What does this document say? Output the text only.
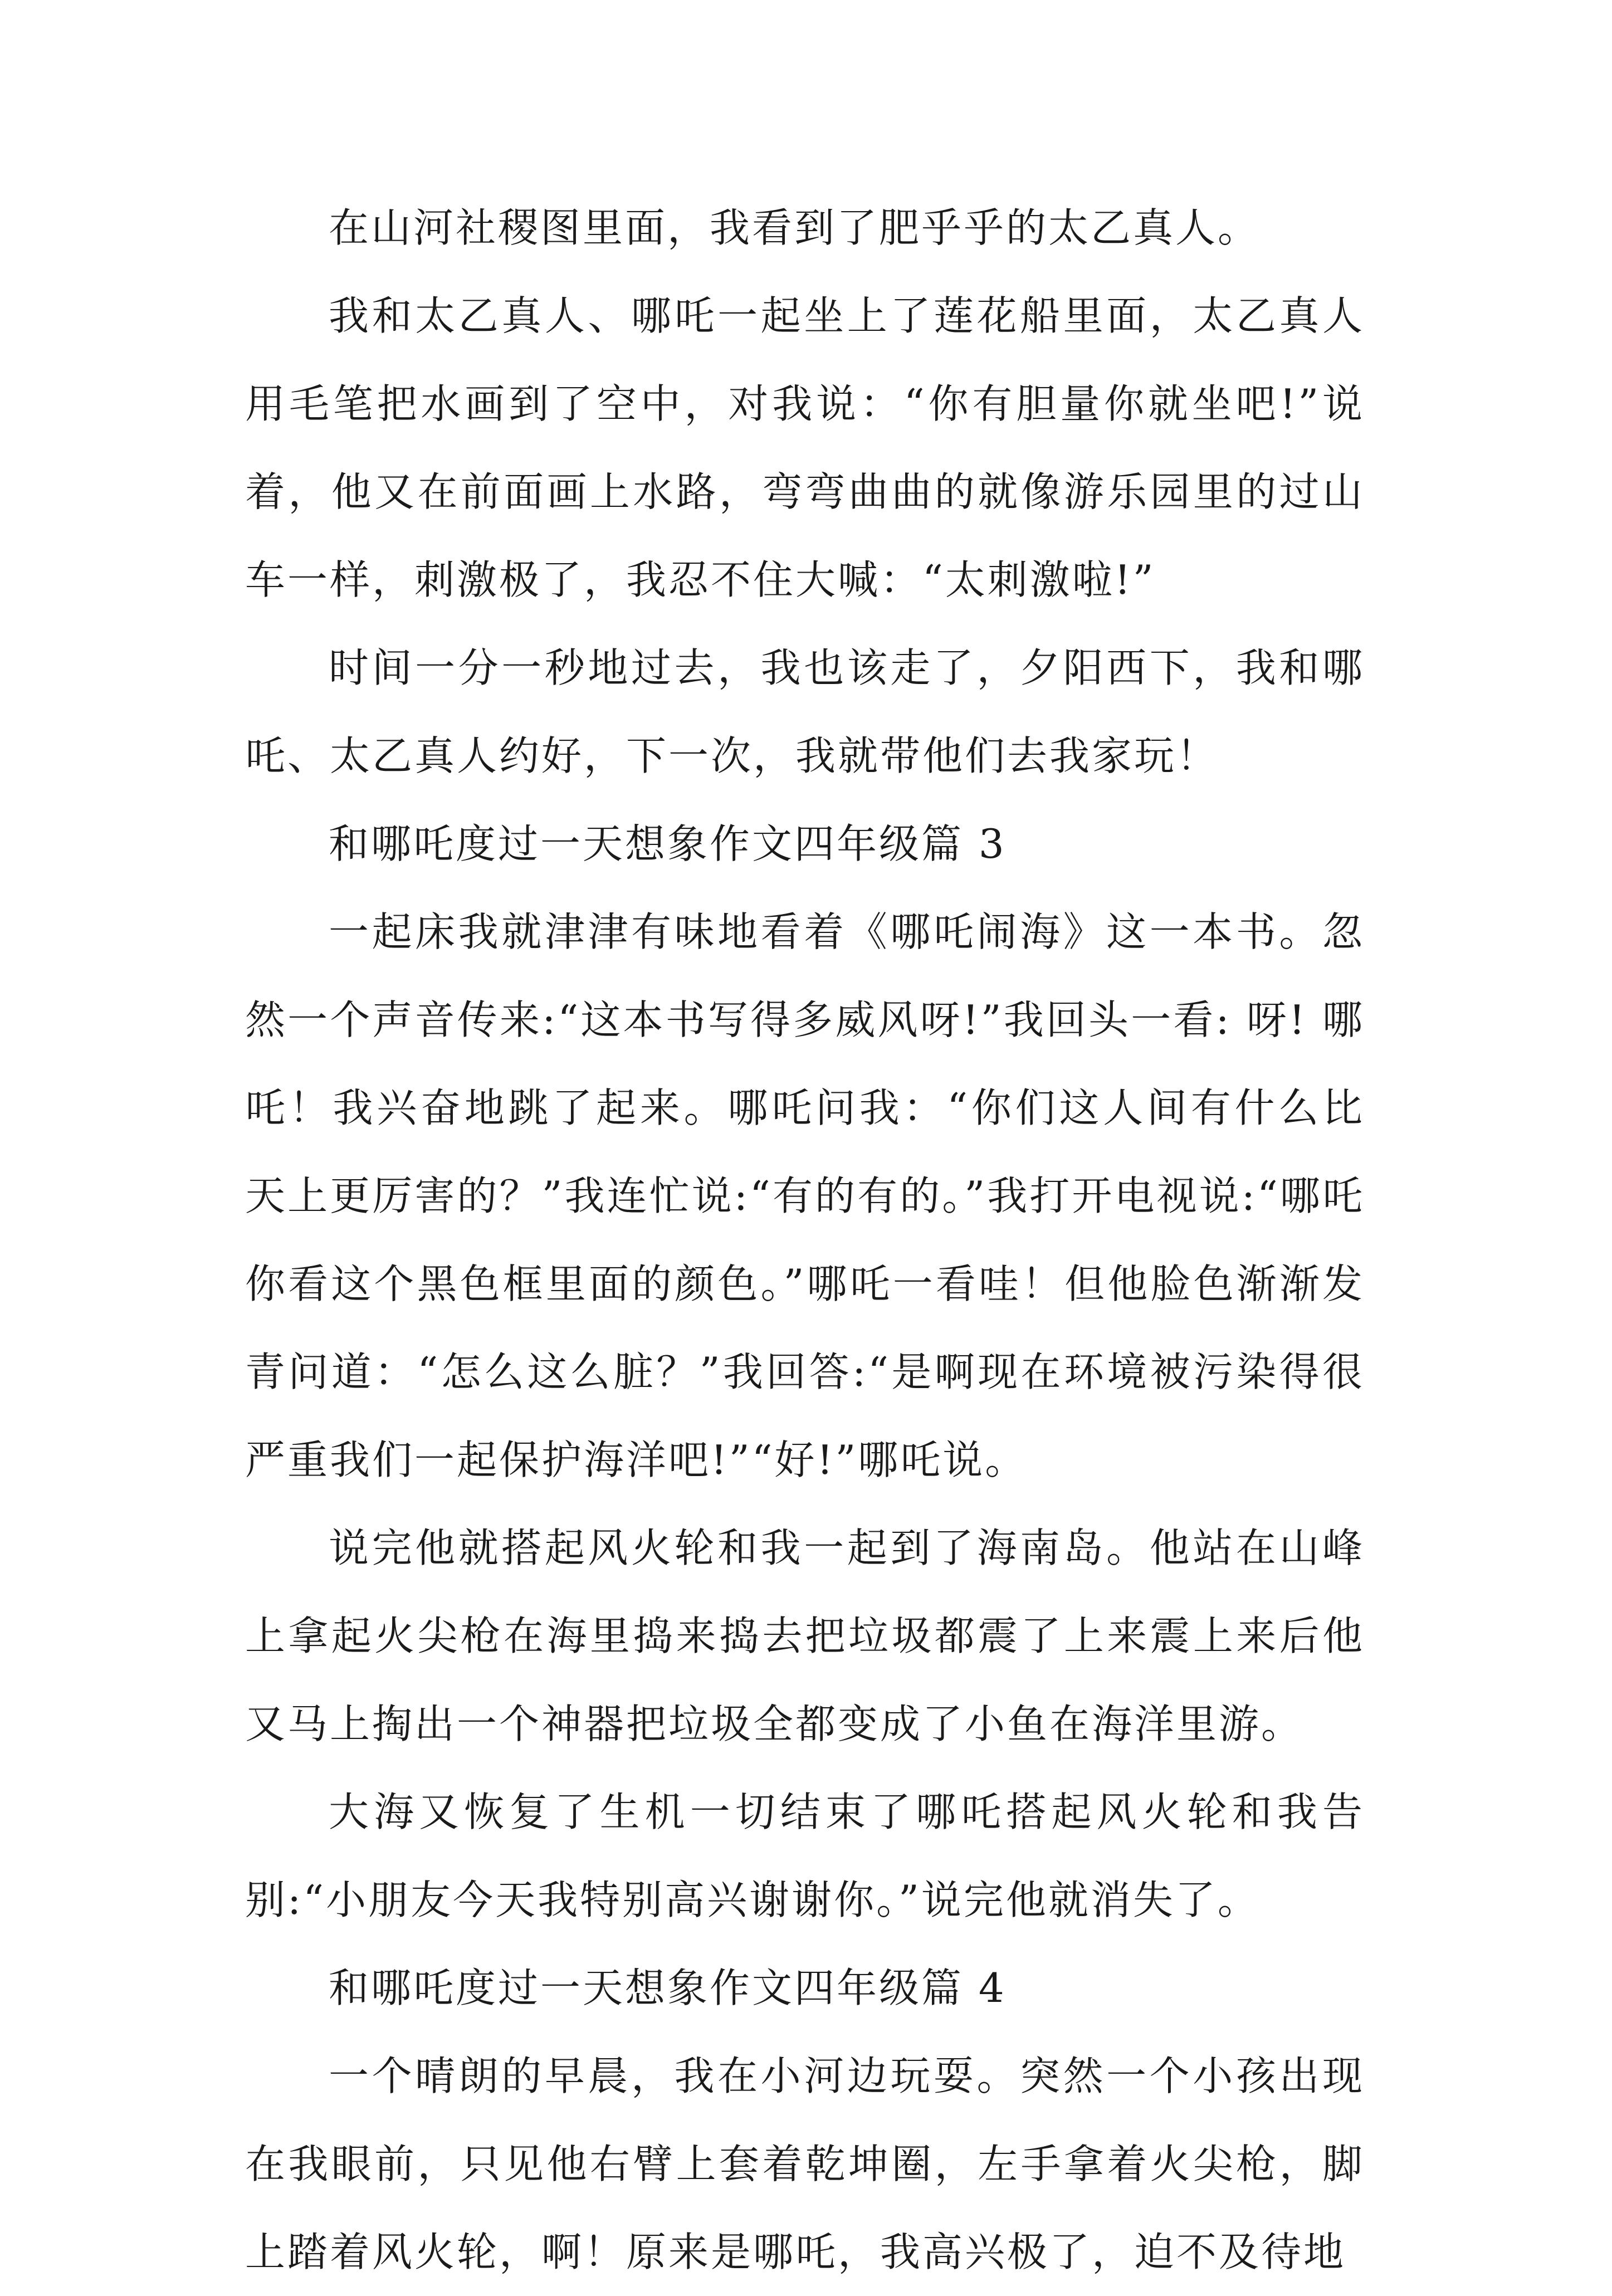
在山河社稷图里面，我看到了肥乎乎的太乙真人。

我和太乙真人、哪吒一起坐上了莲花船里面，太乙真人用毛笔把水画到了空中，对我说：“你有胆量你就坐吧!”说着，他又在前面画上水路，弯弯曲曲的就像游乐园里的过山车一样，刺激极了，我忍不住大喊：“太刺激啦!”

时间一分一秒地过去，我也该走了，夕阳西下，我和哪吒、太乙真人约好，下一次，我就带他们去我家玩！

和哪吒度过一天想象作文四年级篇 3

一起床我就津津有味地看着《哪吒闹海》这一本书。忽然一个声音传来:“这本书写得多威风呀!”我回头一看: 呀! 哪吒！我兴奋地跳了起来。哪吒问我：“你们这人间有什么比天上更厉害的？”我连忙说:“有的有的。”我打开电视说:“哪吒你看这个黑色框里面的颜色。”哪吒一看哇！但他脸色渐渐发青问道：“怎么这么脏？”我回答:“是啊现在环境被污染得很严重我们一起保护海洋吧!”“好!”哪吒说。

说完他就搭起风火轮和我一起到了海南岛。他站在山峰上拿起火尖枪在海里捣来捣去把垃圾都震了上来震上来后他又马上掏出一个神器把垃圾全都变成了小鱼在海洋里游。

大海又恢复了生机一切结束了哪吒搭起风火轮和我告别:“小朋友今天我特别高兴谢谢你。”说完他就消失了。

和哪吒度过一天想象作文四年级篇 4

一个晴朗的早晨，我在小河边玩耍。突然一个小孩出现在我眼前，只见他右臂上套着乾坤圈，左手拿着火尖枪，脚上踏着风火轮，啊！原来是哪吒，我高兴极了，迫不及待地
